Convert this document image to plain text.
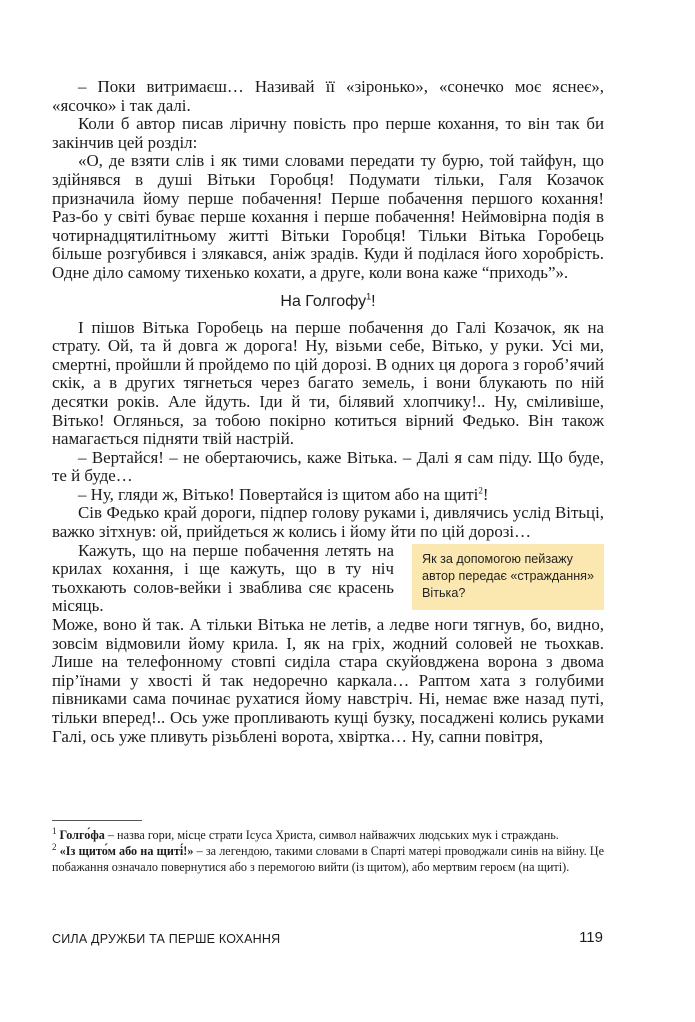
– Поки витримаєш… Називай її «зіронько», «сонечко моє яснеє», «ясочко» і так далі.

Коли б автор писав ліричну повість про перше кохання, то він так би закінчив цей розділ:

«О, де взяти слів і як тими словами передати ту бурю, той тайфун, що здійнявся в душі Вітьки Горобця! Подумати тільки, Галя Козачок призначила йому перше побачення! Перше побачення першого кохання! Раз-бо у світі буває перше кохання і перше побачення! Неймовірна подія в чотирнадцятилітньому житті Вітьки Горобця! Тільки Вітька Горобець більше розгубився і злякався, аніж зрадів. Куди й поділася його хоробрість. Одне діло самому тихенько кохати, а друге, коли вона каже “приходь”».

На Голгофу$^1$!

І пішов Вітька Горобець на перше побачення до Галі Козачок, як на страту. Ой, та й довга ж дорога! Ну, візьми себе, Вітько, у руки. Усі ми, смертні, пройшли й пройдемо по цій дорозі. В одних ця дорога з гороб’ячий скік, а в других тягнеться через багато земель, і вони блукають по ній десятки років. Але йдуть. Іди й ти, білявий хлопчику!.. Ну, сміливіше, Вітько! Оглянься, за тобою покірно котиться вірний Федько. Він також намагається підняти твій настрій.

– Вертайся! – не обертаючись, каже Вітька. – Далі я сам піду. Що буде, те й буде…

– Ну, гляди ж, Вітько! Повертайся із щитом або на щиті$^2$!

Сів Федько край дороги, підпер голову руками і, дивлячись услід Вітьці, важко зітхнув: ой, прийдеться ж колись і йому йти по цій дорозі…

Як за допомогою пейзажу автор передає «страждання» Вітька?

Кажуть, що на перше побачення летять на крилах кохання, і ще кажуть, що в ту ніч тьохкають солов-вейки і зваблива сяє красень місяць.

Може, воно й так. А тільки Вітька не летів, а ледве ноги тягнув, бо, видно, зовсім відмовили йому крила. І, як на гріх, жодний соловей не тьохкав. Лише на телефонному стовпі сиділа стара скуйовджена ворона з двома пір’їнами у хвості й так недоречно каркала… Раптом хата з голубими півниками сама починає рухатися йому навстріч. Ні, немає вже назад путі, тільки вперед!.. Ось уже пропливають кущі бузку, посаджені колись руками Галі, ось уже пливуть різьблені ворота, хвіртка… Ну, сапни повітря,

$^1$ Голго́фа – назва гори, місце страти Ісуса Христа, символ найважчих людських мук і страждань.

$^2$ «Із щито́м або на щиті́!» – за легендою, такими словами в Спарті матері проводжали синів на війну. Це побажання означало повернутися або з перемогою вийти (із щитом), або мертвим героєм (на щиті).

СИЛА ДРУЖБИ ТА ПЕРШЕ КОХАННЯ	119
